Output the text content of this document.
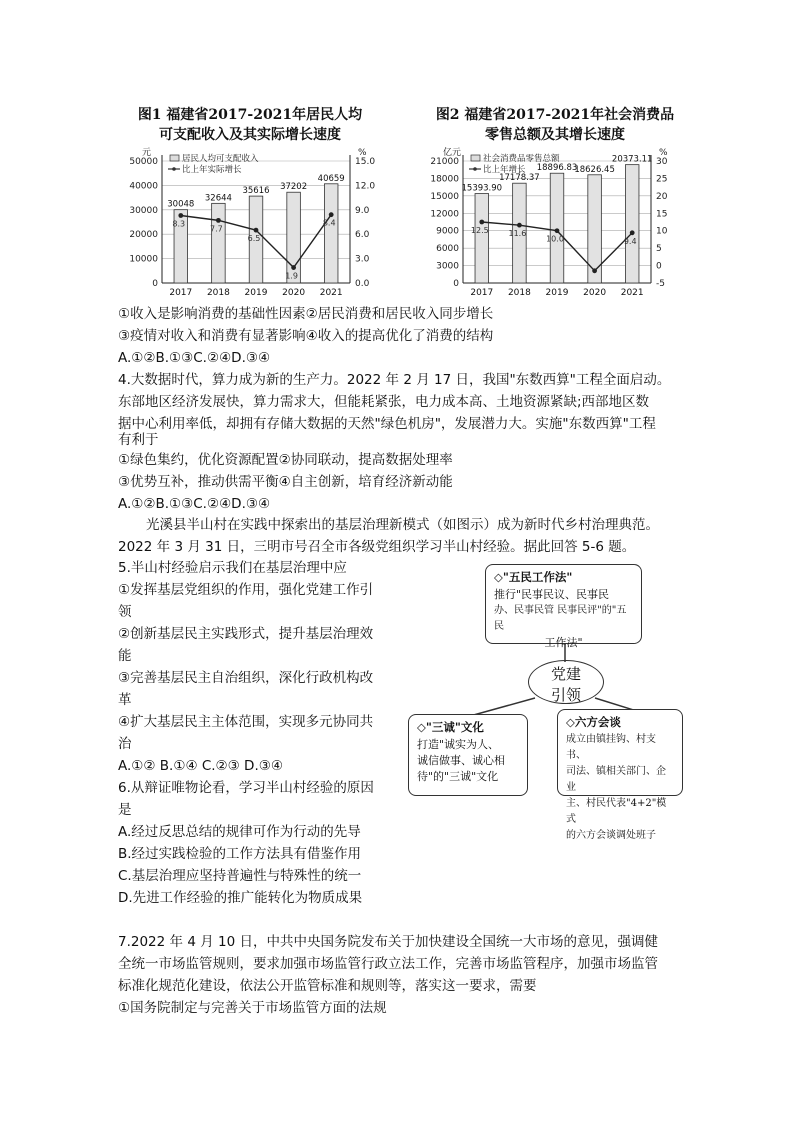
图1 福建省2017-2021年居民人均
可支配收入及其实际增长速度
图2 福建省2017-2021年社会消费品
零售总额及其增长速度
0
10000
20000
30000
40000
50000
0.0
3.0
6.0
9.0
12.0
15.0
元	%
居民人均可支配收入
比上年实际增长
30048
2017
32644
2018
35616
2019
37202
2020
40659
2021
8.3
7.7
6.5
1.9
8.4
0
3000
6000
9000
12000
15000
18000
21000
-5
0
5
10
15
20
25
30
亿元	%
社会消费品零售总额
比上年增长
15393.90
2017
17178.37
2018
18896.83
2019
18626.45
2020
20373.11
2021
12.5 11.6
10.0	9.4
①收入是影响消费的基础性因素②居民消费和居民收入同步增长
③疫情对收入和消费有显著影响④收入的提高优化了消费的结构
A.①②B.①③C.②④D.③④
4.大数据时代，算力成为新的生产力。2022 年 2 月 17 日，我国"东数西算"工程全面启动。
东部地区经济发展快，算力需求大，但能耗紧张，电力成本高、土地资源紧缺;西部地区数
据中心利用率低，却拥有存储大数据的天然"绿色机房"，发展潜力大。实施"东数西算"工程
有利于
①绿色集约，优化资源配置②协同联动，提高数据处理率
③优势互补，推动供需平衡④自主创新，培育经济新动能
A.①②B.①③C.②④D.③④
光溪县半山村在实践中探索出的基层治理新模式（如图示）成为新时代乡村治理典范。
2022 年 3 月 31 日，三明市号召全市各级党组织学习半山村经验。据此回答 5-6 题。
5.半山村经验启示我们在基层治理中应
①发挥基层党组织的作用，强化党建工作引
领
②创新基层民主实践形式，提升基层治理效
能
③完善基层民主自治组织，深化行政机构改
革
④扩大基层民主主体范围，实现多元协同共
治
A.①② B.①④ C.②③ D.③④
6.从辩证唯物论看，学习半山村经验的原因
是
A.经过反思总结的规律可作为行动的先导
B.经过实践检验的工作方法具有借鉴作用
C.基层治理应坚持普遍性与特殊性的统一
D.先进工作经验的推广能转化为物质成果
◇"五民工作法"
推行"民事民议、民事民
办、民事民管 民事民评"的"五民
工作法"
党建
引领
◇"三诚"文化
打造"诚实为人、
诚信做事、诚心相
待"的"三诚"文化
◇六方会谈
成立由镇挂钩、村支书、
司法、镇相关部门、企业
主、村民代表"4+2"模式
的六方会谈调处班子
7.2022 年 4 月 10 日，中共中央国务院发布关于加快建设全国统一大市场的意见，强调健
全统一市场监管规则，要求加强市场监管行政立法工作，完善市场监管程序，加强市场监管
标准化规范化建设，依法公开监管标准和规则等，落实这一要求，需要
①国务院制定与完善关于市场监管方面的法规
